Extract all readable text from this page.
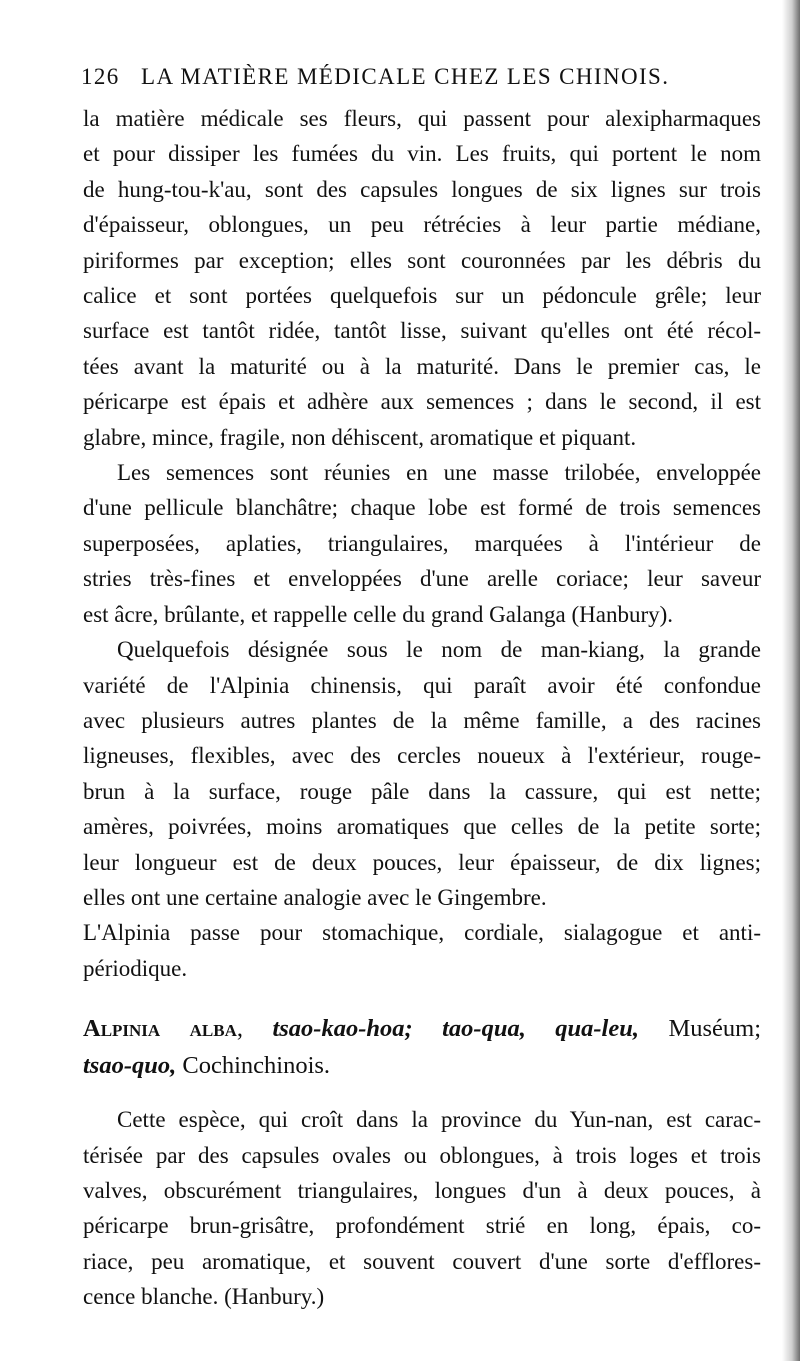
126 LA MATIÈRE MÉDICALE CHEZ LES CHINOIS.
la matière médicale ses fleurs, qui passent pour alexipharmaques
et pour dissiper les fumées du vin. Les fruits, qui portent le nom
de hung-tou-k'au, sont des capsules longues de six lignes sur trois
d'épaisseur, oblongues, un peu rétrécies à leur partie médiane,
piriformes par exception; elles sont couronnées par les débris du
calice et sont portées quelquefois sur un pédoncule grêle; leur
surface est tantôt ridée, tantôt lisse, suivant qu'elles ont été récol-
tées avant la maturité ou à la maturité. Dans le premier cas, le
péricarpe est épais et adhère aux semences ; dans le second, il est
glabre, mince, fragile, non déhiscent, aromatique et piquant.
Les semences sont réunies en une masse trilobée, enveloppée
d'une pellicule blanchâtre; chaque lobe est formé de trois semences
superposées, aplaties, triangulaires, marquées à l'intérieur de
stries très-fines et enveloppées d'une arelle coriace; leur saveur
est âcre, brûlante, et rappelle celle du grand Galanga (Hanbury).
Quelquefois désignée sous le nom de man-kiang, la grande
variété de l'Alpinia chinensis, qui paraît avoir été confondue
avec plusieurs autres plantes de la même famille, a des racines
ligneuses, flexibles, avec des cercles noueux à l'extérieur, rouge-
brun à la surface, rouge pâle dans la cassure, qui est nette;
amères, poivrées, moins aromatiques que celles de la petite sorte;
leur longueur est de deux pouces, leur épaisseur, de dix lignes;
elles ont une certaine analogie avec le Gingembre.
L'Alpinia passe pour stomachique, cordiale, sialagogue et anti-
périodique.
Alpinia alba, tsao-kao-hoa; tao-qua, qua-leu, Muséum;
tsao-quo, Cochinchinois.
Cette espèce, qui croît dans la province du Yun-nan, est carac-
térisée par des capsules ovales ou oblongues, à trois loges et trois
valves, obscurément triangulaires, longues d'un à deux pouces, à
péricarpe brun-grisâtre, profondément strié en long, épais, co-
riace, peu aromatique, et souvent couvert d'une sorte d'efflores-
cence blanche. (Hanbury.)
